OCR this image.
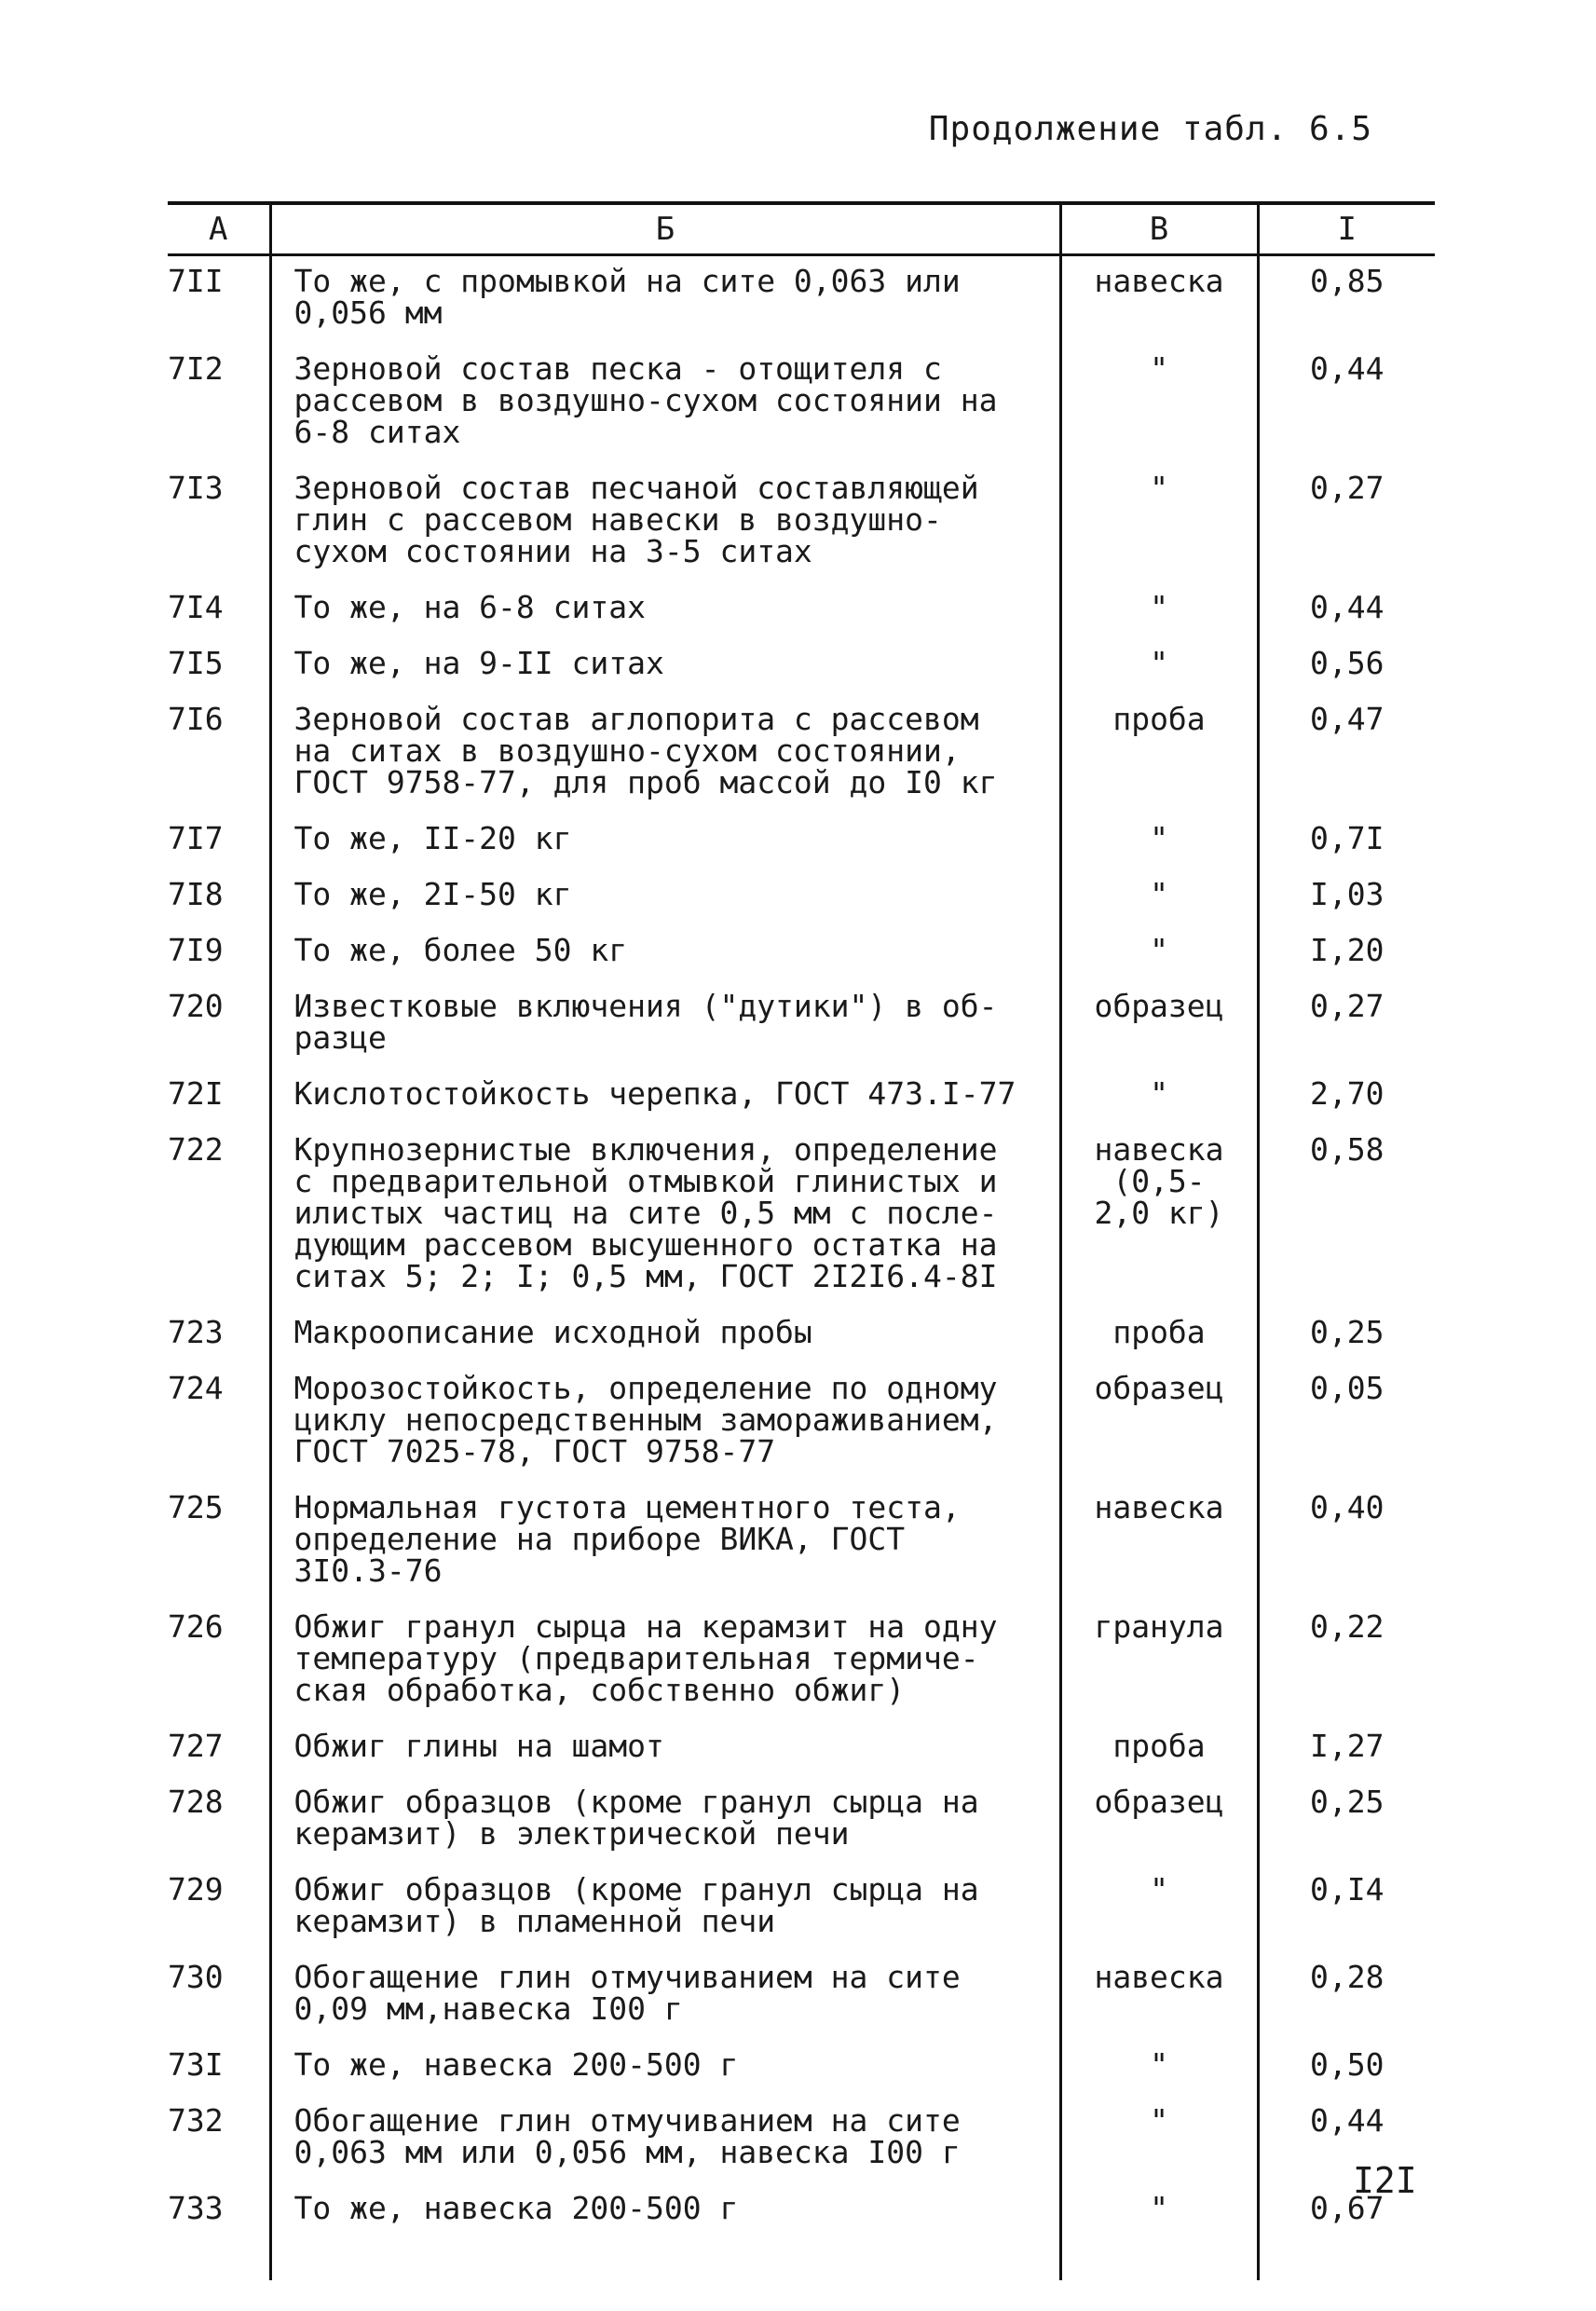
Продолжение табл. 6.5
А	Б	В	I
7II	То же, с промывкой на сите 0,063 или
0,056 мм	навеска	0,85
7I2	Зерновой состав песка - отощителя с
рассевом в воздушно-сухом состоянии на
6-8 ситах	"	0,44
7I3	Зерновой состав песчаной составляющей
глин с рассевом навески в воздушно-
сухом состоянии на 3-5 ситах	"	0,27
7I4	То же, на 6-8 ситах	"	0,44
7I5	То же, на 9-II ситах	"	0,56
7I6	Зерновой состав аглопорита с рассевом
на ситах в воздушно-сухом состоянии,
ГОСТ 9758-77, для проб массой до I0 кг	проба	0,47
7I7	То же, II-20 кг	"	0,7I
7I8	То же, 2I-50 кг	"	I,03
7I9	То же, более 50 кг	"	I,20
720	Известковые включения ("дутики") в об-
разце	образец	0,27
72I	Кислотостойкость черепка, ГОСТ 473.I-77	"	2,70
722	Крупнозернистые включения, определение
с предварительной отмывкой глинистых и
илистых частиц на сите 0,5 мм с после-
дующим рассевом высушенного остатка на
ситах 5; 2; I; 0,5 мм, ГОСТ 2I2I6.4-8I	навеска
(0,5-
2,0 кг)	0,58
723	Макроописание исходной пробы	проба	0,25
724	Морозостойкость, определение по одному
циклу непосредственным замораживанием,
ГОСТ 7025-78, ГОСТ 9758-77	образец	0,05
725	Нормальная густота цементного теста,
определение на приборе ВИКА, ГОСТ
3I0.3-76	навеска	0,40
726	Обжиг гранул сырца на керамзит на одну
температуру (предварительная термиче-
ская обработка, собственно обжиг)	гранула	0,22
727	Обжиг глины на шамот	проба	I,27
728	Обжиг образцов (кроме гранул сырца на
керамзит) в электрической печи	образец	0,25
729	Обжиг образцов (кроме гранул сырца на
керамзит) в пламенной печи	"	0,I4
730	Обогащение глин отмучиванием на сите
0,09 мм,навеска I00 г	навеска	0,28
73I	То же, навеска 200-500 г	"	0,50
732	Обогащение глин отмучиванием на сите
0,063 мм или 0,056 мм, навеска I00 г	"	0,44
733	То же, навеска 200-500 г	"	0,67
I2I
